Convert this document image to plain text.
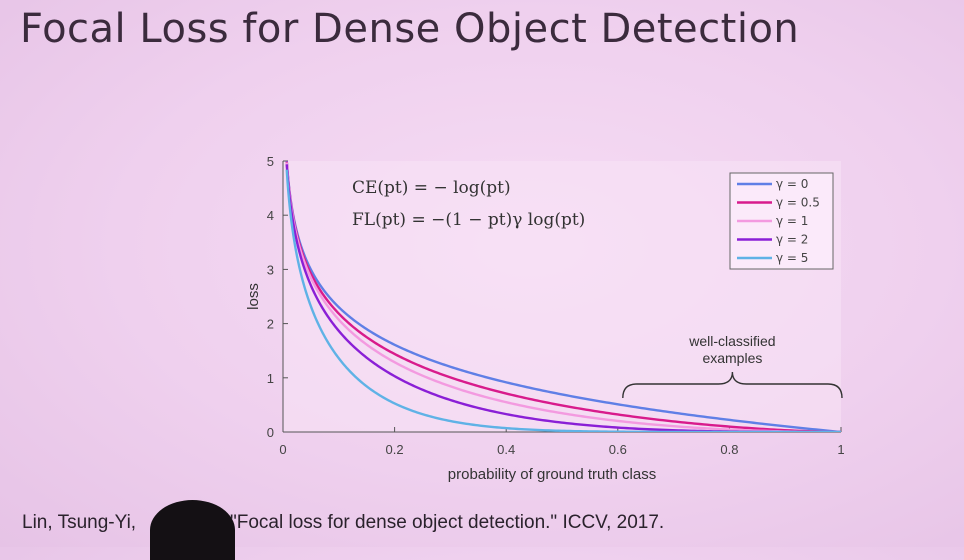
Focal Loss for Dense Object Detection
0
1
2
3
4
5
0	0.2	0.4	0.6	0.8	1
probability of ground truth class
loss
CE(pt) = − log(pt)
FL(pt) = −(1 − pt)γ log(pt)
γ = 0
γ = 0.5
γ = 1
γ = 2
γ = 5
well-classified
examples
Lin, Tsung-Yi,	"Focal loss for dense object detection." ICCV, 2017.
